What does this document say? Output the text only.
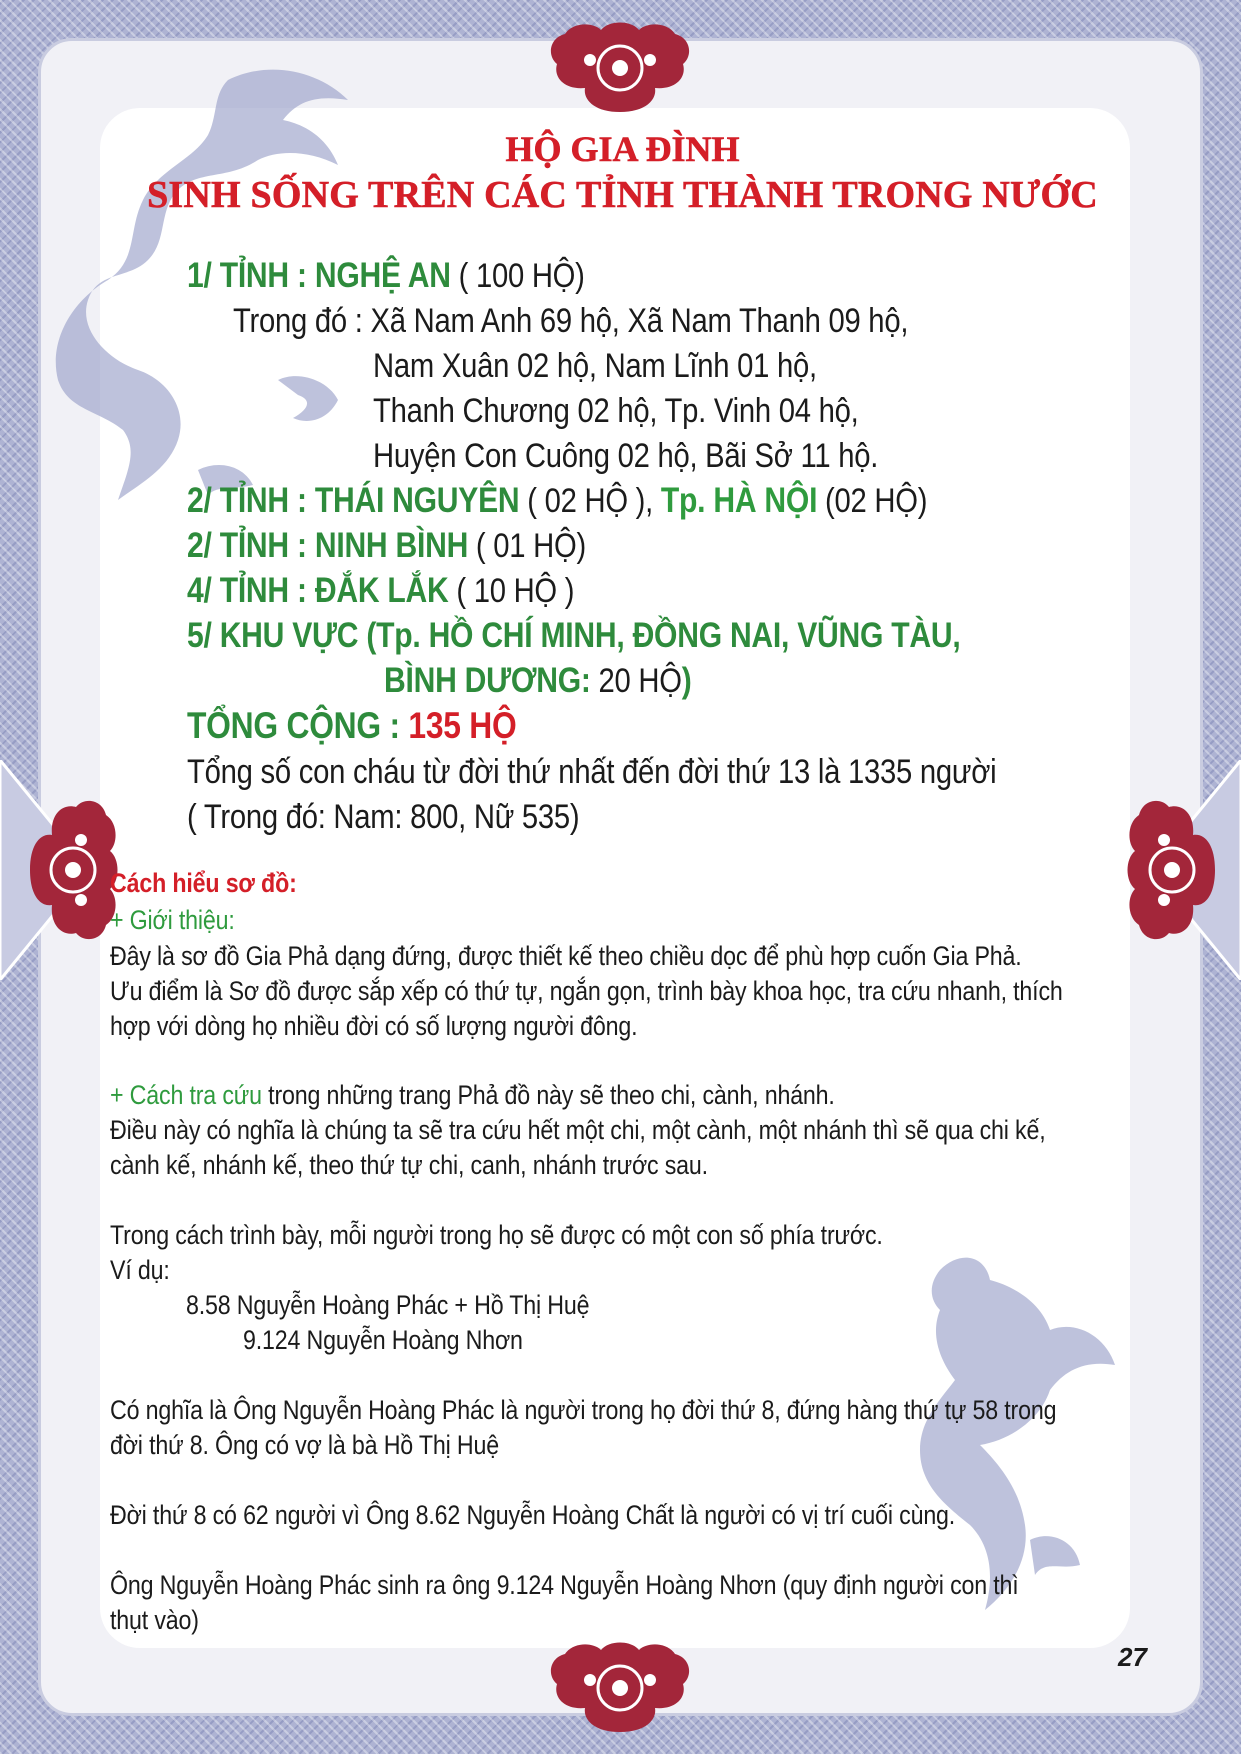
HỘ GIA ĐÌNH
SINH SỐNG TRÊN CÁC TỈNH THÀNH TRONG NƯỚC
1/ TỈNH : NGHỆ AN ( 100 HỘ)
Trong đó : Xã Nam Anh 69 hộ, Xã Nam Thanh 09 hộ,
Nam Xuân 02 hộ, Nam Lĩnh 01 hộ,
Thanh Chương 02 hộ, Tp. Vinh 04 hộ,
Huyện Con Cuông 02 hộ, Bãi Sở 11 hộ.
2/ TỈNH : THÁI NGUYÊN ( 02 HỘ ), Tp. HÀ NỘI (02 HỘ)
2/ TỈNH : NINH BÌNH ( 01 HỘ)
4/ TỈNH : ĐẮK LẮK ( 10 HỘ )
5/ KHU VỰC (Tp. HỒ CHÍ MINH, ĐỒNG NAI, VŨNG TÀU,
BÌNH DƯƠNG: 20 HỘ)
TỔNG CỘNG : 135 HỘ
Tổng số con cháu từ đời thứ nhất đến đời thứ 13 là 1335 người
( Trong đó: Nam: 800, Nữ 535)
Cách hiểu sơ đồ:
+ Giới thiệu:
Đây là sơ đồ Gia Phả dạng đứng, được thiết kế theo chiều dọc để phù hợp cuốn Gia Phả.
Ưu điểm là Sơ đồ được sắp xếp có thứ tự, ngắn gọn, trình bày khoa học, tra cứu nhanh, thích
hợp với dòng họ nhiều đời có số lượng người đông.
+ Cách tra cứu trong những trang Phả đồ này sẽ theo chi, cành, nhánh.
Điều này có nghĩa là chúng ta sẽ tra cứu hết một chi, một cành, một nhánh thì sẽ qua chi kế,
cành kế, nhánh kế, theo thứ tự chi, canh, nhánh trước sau.
Trong cách trình bày, mỗi người trong họ sẽ được có một con số phía trước.
Ví dụ:
8.58 Nguyễn Hoàng Phác + Hồ Thị Huệ
9.124 Nguyễn Hoàng Nhơn
Có nghĩa là Ông Nguyễn Hoàng Phác là người trong họ đời thứ 8, đứng hàng thứ tự 58 trong
đời thứ 8. Ông có vợ là bà Hồ Thị Huệ
Đời thứ 8 có 62 người vì Ông 8.62 Nguyễn Hoàng Chất là người có vị trí cuối cùng.
Ông Nguyễn Hoàng Phác sinh ra ông 9.124 Nguyễn Hoàng Nhơn (quy định người con thì
thụt vào)
27
